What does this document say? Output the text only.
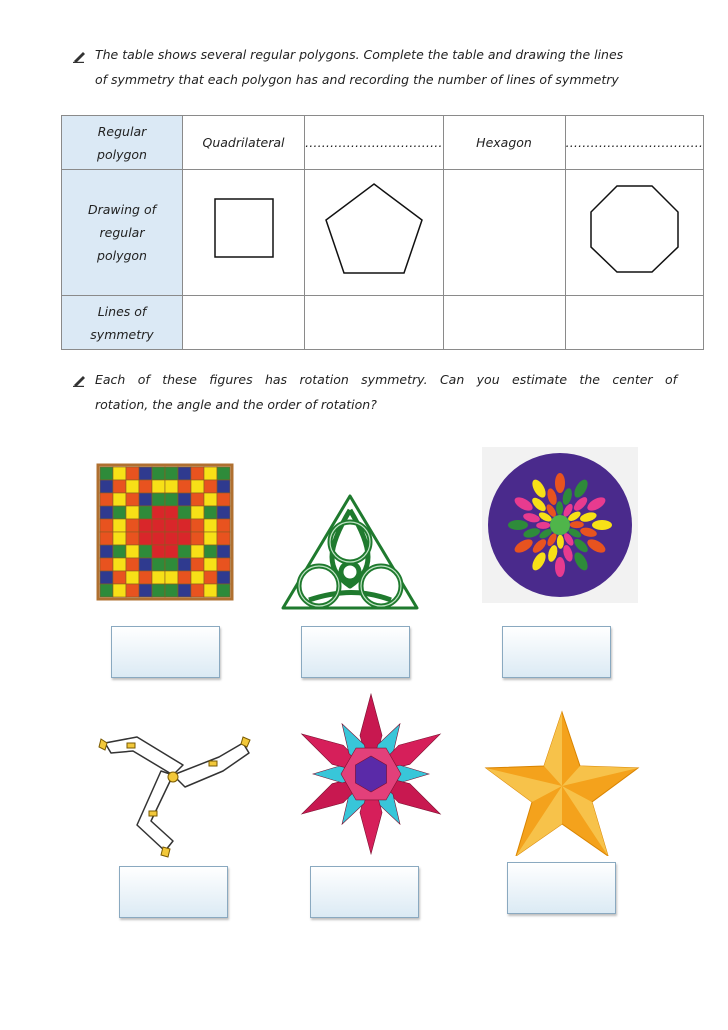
The table shows several regular polygons. Complete the table and drawing the lines
of symmetry that each polygon has and recording the number of lines of symmetry
Regular
polygon	Quadrilateral	……………………………	Hexagon	……………………………

Drawing of
regular
polygon

Lines of
symmetry				

Each of these figures has rotation symmetry. Can you estimate the center of
rotation, the angle and the order of rotation?
